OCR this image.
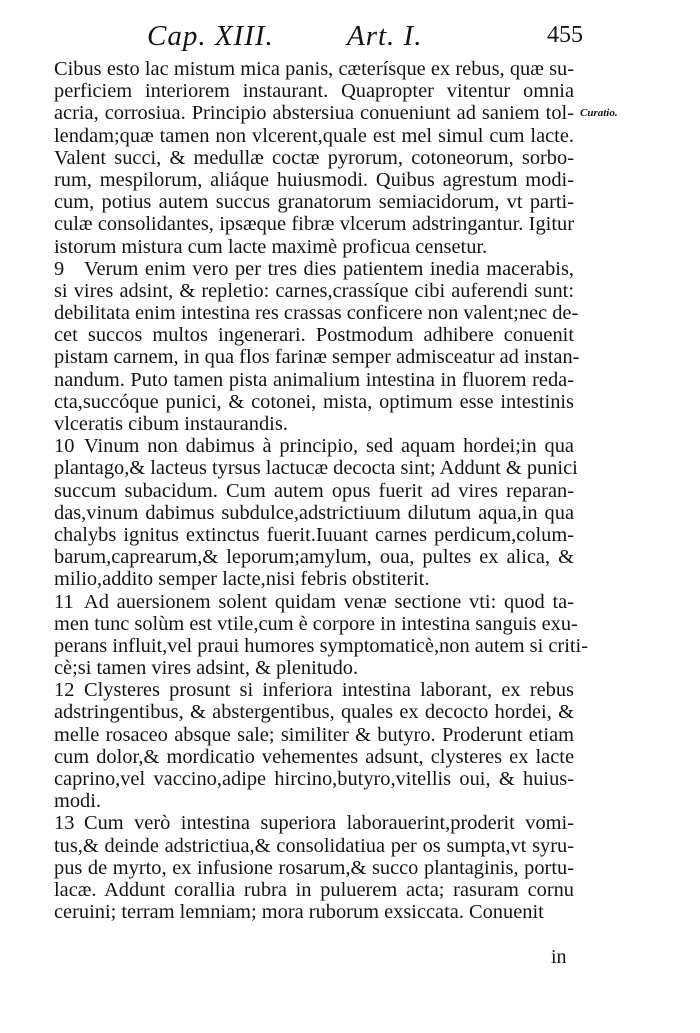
Cap. XIII.	Art. I.	455
Curatio.
Cibus esto lac mistum mica panis, cæterísque ex rebus, quæ su-
perficiem interiorem instaurant. Quapropter vitentur omnia
acria, corrosiua. Principio abstersiua conueniunt ad saniem tol-
lendam;quæ tamen non vlcerent,quale est mel simul cum lacte.
Valent succi, & medullæ coctæ pyrorum, cotoneorum, sorbo-
rum, mespilorum, aliáque huiusmodi. Quibus agrestum modi-
cum, potius autem succus granatorum semiacidorum, vt parti-
culæ consolidantes, ipsæque fibræ vlcerum adstringantur. Igitur
istorum mistura cum lacte maximè proficua censetur.
9 Verum enim vero per tres dies patientem inedia macerabis,
si vires adsint, & repletio: carnes,crassíque cibi auferendi sunt:
debilitata enim intestina res crassas conficere non valent;nec de-
cet succos multos ingenerari. Postmodum adhibere conuenit
pistam carnem, in qua flos farinæ semper admisceatur ad instan-
nandum. Puto tamen pista animalium intestina in fluorem reda-
cta,succóque punici, & cotonei, mista, optimum esse intestinis
vlceratis cibum instaurandis.
10 Vinum non dabimus à principio, sed aquam hordei;in qua
plantago,& lacteus tyrsus lactucæ decocta sint; Addunt & punici
succum subacidum. Cum autem opus fuerit ad vires reparan-
das,vinum dabimus subdulce,adstrictiuum dilutum aqua,in qua
chalybs ignitus extinctus fuerit.Iuuant carnes perdicum,colum-
barum,caprearum,& leporum;amylum, oua, pultes ex alica, &
milio,addito semper lacte,nisi febris obstiterit.
11 Ad auersionem solent quidam venæ sectione vti: quod ta-
men tunc solùm est vtile,cum è corpore in intestina sanguis exu-
perans influit,vel praui humores symptomaticè,non autem si criti-
cè;si tamen vires adsint, & plenitudo.
12 Clysteres prosunt si inferiora intestina laborant, ex rebus
adstringentibus, & abstergentibus, quales ex decocto hordei, &
melle rosaceo absque sale; similiter & butyro. Proderunt etiam
cum dolor,& mordicatio vehementes adsunt, clysteres ex lacte
caprino,vel vaccino,adipe hircino,butyro,vitellis oui, & huius-
modi.
13 Cum verò intestina superiora laborauerint,proderit vomi-
tus,& deinde adstrictiua,& consolidatiua per os sumpta,vt syru-
pus de myrto, ex infusione rosarum,& succo plantaginis, portu-
lacæ. Addunt corallia rubra in puluerem acta; rasuram cornu
ceruini; terram lemniam; mora ruborum exsiccata. Conuenit
in
